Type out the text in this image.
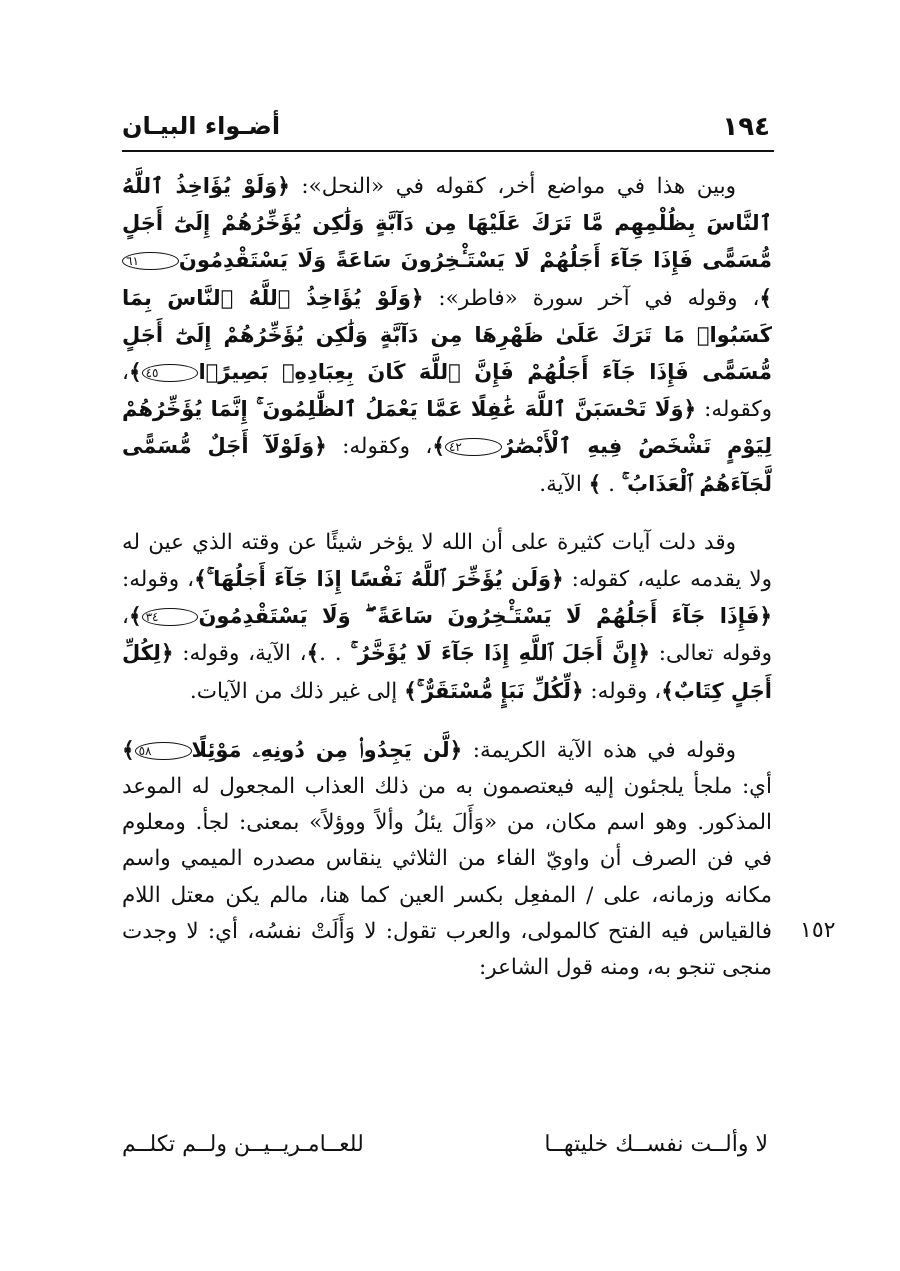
١٩٤
أضـواء البيـان

وبين هذا في مواضع أخر، كقوله في «النحل»: ﴿وَلَوْ يُؤَاخِذُ ٱللَّهُ ٱلنَّاسَ بِظُلْمِهِم مَّا تَرَكَ عَلَيْهَا مِن دَآبَّةٍ وَلَٰكِن يُؤَخِّرُهُمْ إِلَىٰٓ أَجَلٍ مُّسَمًّى فَإِذَا جَآءَ أَجَلُهُمْ لَا يَسْتَـْٔخِرُونَ سَاعَةً وَلَا يَسْتَقْدِمُونَ٦١﴾، وقوله في آخر سورة «فاطر»: ﴿وَلَوْ يُؤَاخِذُ ٱللَّهُ ٱلنَّاسَ بِمَا كَسَبُوا۟ مَا تَرَكَ عَلَىٰ ظَهْرِهَا مِن دَآبَّةٍ وَلَٰكِن يُؤَخِّرُهُمْ إِلَىٰٓ أَجَلٍ مُّسَمًّى فَإِذَا جَآءَ أَجَلُهُمْ فَإِنَّ ٱللَّهَ كَانَ بِعِبَادِهِۦ بَصِيرًۢا٤٥﴾، وكقوله: ﴿وَلَا تَحْسَبَنَّ ٱللَّهَ غَٰفِلًا عَمَّا يَعْمَلُ ٱلظَّٰلِمُونَ ۚ إِنَّمَا يُؤَخِّرُهُمْ لِيَوْمٍ تَشْخَصُ فِيهِ ٱلْأَبْصَٰرُ٤٢﴾، وكقوله: ﴿وَلَوْلَآ أَجَلٌ مُّسَمًّى لَّجَآءَهُمُ ٱلْعَذَابُ ۚ . ﴾ الآية.

وقد دلت آيات كثيرة على أن الله لا يؤخر شيئًا عن وقته الذي عين له ولا يقدمه عليه، كقوله: ﴿وَلَن يُؤَخِّرَ ٱللَّهُ نَفْسًا إِذَا جَآءَ أَجَلُهَا ۚ﴾، وقوله: ﴿فَإِذَا جَآءَ أَجَلُهُمْ لَا يَسْتَـْٔخِرُونَ سَاعَةً ۖ وَلَا يَسْتَقْدِمُونَ٣٤﴾، وقوله تعالى: ﴿إِنَّ أَجَلَ ٱللَّهِ إِذَا جَآءَ لَا يُؤَخَّرُ ۚ . .﴾، الآية، وقوله: ﴿لِكُلِّ أَجَلٍ كِتَابٌ﴾، وقوله: ﴿لِّكُلِّ نَبَإٍ مُّسْتَقَرٌّ ۚ﴾ إلى غير ذلك من الآيات.

وقوله في هذه الآية الكريمة: ﴿لَّن يَجِدُوا۟ مِن دُونِهِۦ مَوْئِلًا٥٨﴾ أي: ملجأ يلجئون إليه فيعتصمون به من ذلك العذاب المجعول له الموعد المذكور. وهو اسم مكان، من «وَأَلَ يئلُ وألاً ووؤلاً» بمعنى: لجأ. ومعلوم في فن الصرف أن واويّ الفاء من الثلاثي ينقاس مصدره الميمي واسم مكانه وزمانه، على / المفعِل بكسر العين كما هنا، مالم يكن معتل اللام فالقياس فيه الفتح كالمولى، والعرب تقول: لا وَأَلَتْ نفسُه، أي: لا وجدت منجى تنجو به، ومنه قول الشاعر:

١٥٢
لا وألــت نفســك خليتهــا
للعــامـريــيــن ولــم تكلــم
